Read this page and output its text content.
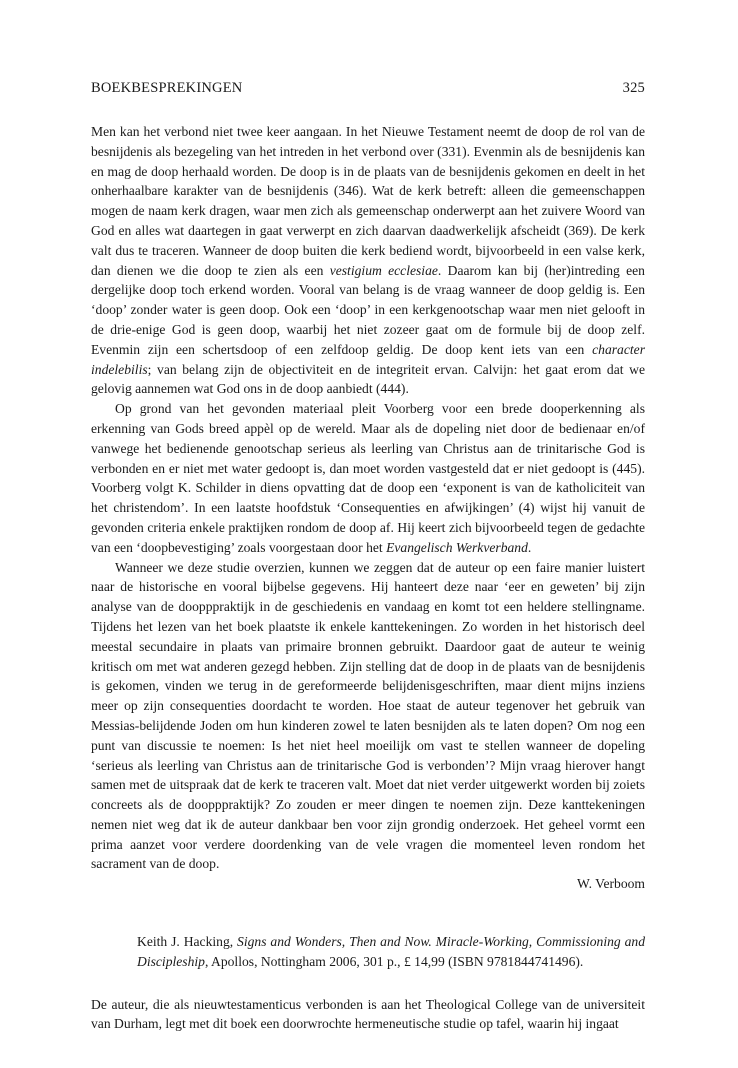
BOEKBESPREKINGEN	325

Men kan het verbond niet twee keer aangaan. In het Nieuwe Testament neemt de doop de rol van de besnijdenis als bezegeling van het intreden in het verbond over (331). Evenmin als de besnijdenis kan en mag de doop herhaald worden. De doop is in de plaats van de besnijdenis gekomen en deelt in het onherhaalbare karakter van de besnijdenis (346). Wat de kerk betreft: alleen die gemeenschappen mogen de naam kerk dragen, waar men zich als gemeenschap onderwerpt aan het zuivere Woord van God en alles wat daartegen in gaat verwerpt en zich daarvan daadwerkelijk afscheidt (369). De kerk valt dus te traceren. Wanneer de doop buiten die kerk bediend wordt, bijvoorbeeld in een valse kerk, dan dienen we die doop te zien als een vestigium ecclesiae. Daarom kan bij (her)intreding een dergelijke doop toch erkend worden. Vooral van belang is de vraag wanneer de doop geldig is. Een ‘doop’ zonder water is geen doop. Ook een ‘doop’ in een kerkgenootschap waar men niet gelooft in de drie-enige God is geen doop, waarbij het niet zozeer gaat om de formule bij de doop zelf. Evenmin zijn een schertsdoop of een zelfdoop geldig. De doop kent iets van een character indelebilis; van belang zijn de objectiviteit en de integriteit ervan. Calvijn: het gaat erom dat we gelovig aannemen wat God ons in de doop aanbiedt (444).

Op grond van het gevonden materiaal pleit Voorberg voor een brede dooperkenning als erkenning van Gods breed appèl op de wereld. Maar als de dopeling niet door de bedienaar en/of vanwege het bedienende genootschap serieus als leerling van Christus aan de trinitarische God is verbonden en er niet met water gedoopt is, dan moet worden vastgesteld dat er niet gedoopt is (445). Voorberg volgt K. Schilder in diens opvatting dat de doop een ‘exponent is van de katholiciteit van het christendom’. In een laatste hoofdstuk ‘Consequenties en afwijkingen’ (4) wijst hij vanuit de gevonden criteria enkele praktijken rondom de doop af. Hij keert zich bijvoorbeeld tegen de gedachte van een ‘doopbevestiging’ zoals voorgestaan door het Evangelisch Werkverband.

Wanneer we deze studie overzien, kunnen we zeggen dat de auteur op een faire manier luistert naar de historische en vooral bijbelse gegevens. Hij hanteert deze naar ‘eer en geweten’ bij zijn analyse van de doopppraktijk in de geschiedenis en vandaag en komt tot een heldere stellingname. Tijdens het lezen van het boek plaatste ik enkele kanttekeningen. Zo worden in het historisch deel meestal secundaire in plaats van primaire bronnen gebruikt. Daardoor gaat de auteur te weinig kritisch om met wat anderen gezegd hebben. Zijn stelling dat de doop in de plaats van de besnijdenis is gekomen, vinden we terug in de gereformeerde belijdenisgeschriften, maar dient mijns inziens meer op zijn consequenties doordacht te worden. Hoe staat de auteur tegenover het gebruik van Messias-belijdende Joden om hun kinderen zowel te laten besnijden als te laten dopen? Om nog een punt van discussie te noemen: Is het niet heel moeilijk om vast te stellen wanneer de dopeling ‘serieus als leerling van Christus aan de trinitarische God is verbonden’? Mijn vraag hierover hangt samen met de uitspraak dat de kerk te traceren valt. Moet dat niet verder uitgewerkt worden bij zoiets concreets als de doopppraktijk? Zo zouden er meer dingen te noemen zijn. Deze kanttekeningen nemen niet weg dat ik de auteur dankbaar ben voor zijn grondig onderzoek. Het geheel vormt een prima aanzet voor verdere doordenking van de vele vragen die momenteel leven rondom het sacrament van de doop.

W. Verboom

Keith J. Hacking, Signs and Wonders, Then and Now. Miracle-Working, Commissioning and Discipleship, Apollos, Nottingham 2006, 301 p., £ 14,99 (ISBN 9781844741496).

De auteur, die als nieuwtestamenticus verbonden is aan het Theological College van de universiteit van Durham, legt met dit boek een doorwrochte hermeneutische studie op tafel, waarin hij ingaat
